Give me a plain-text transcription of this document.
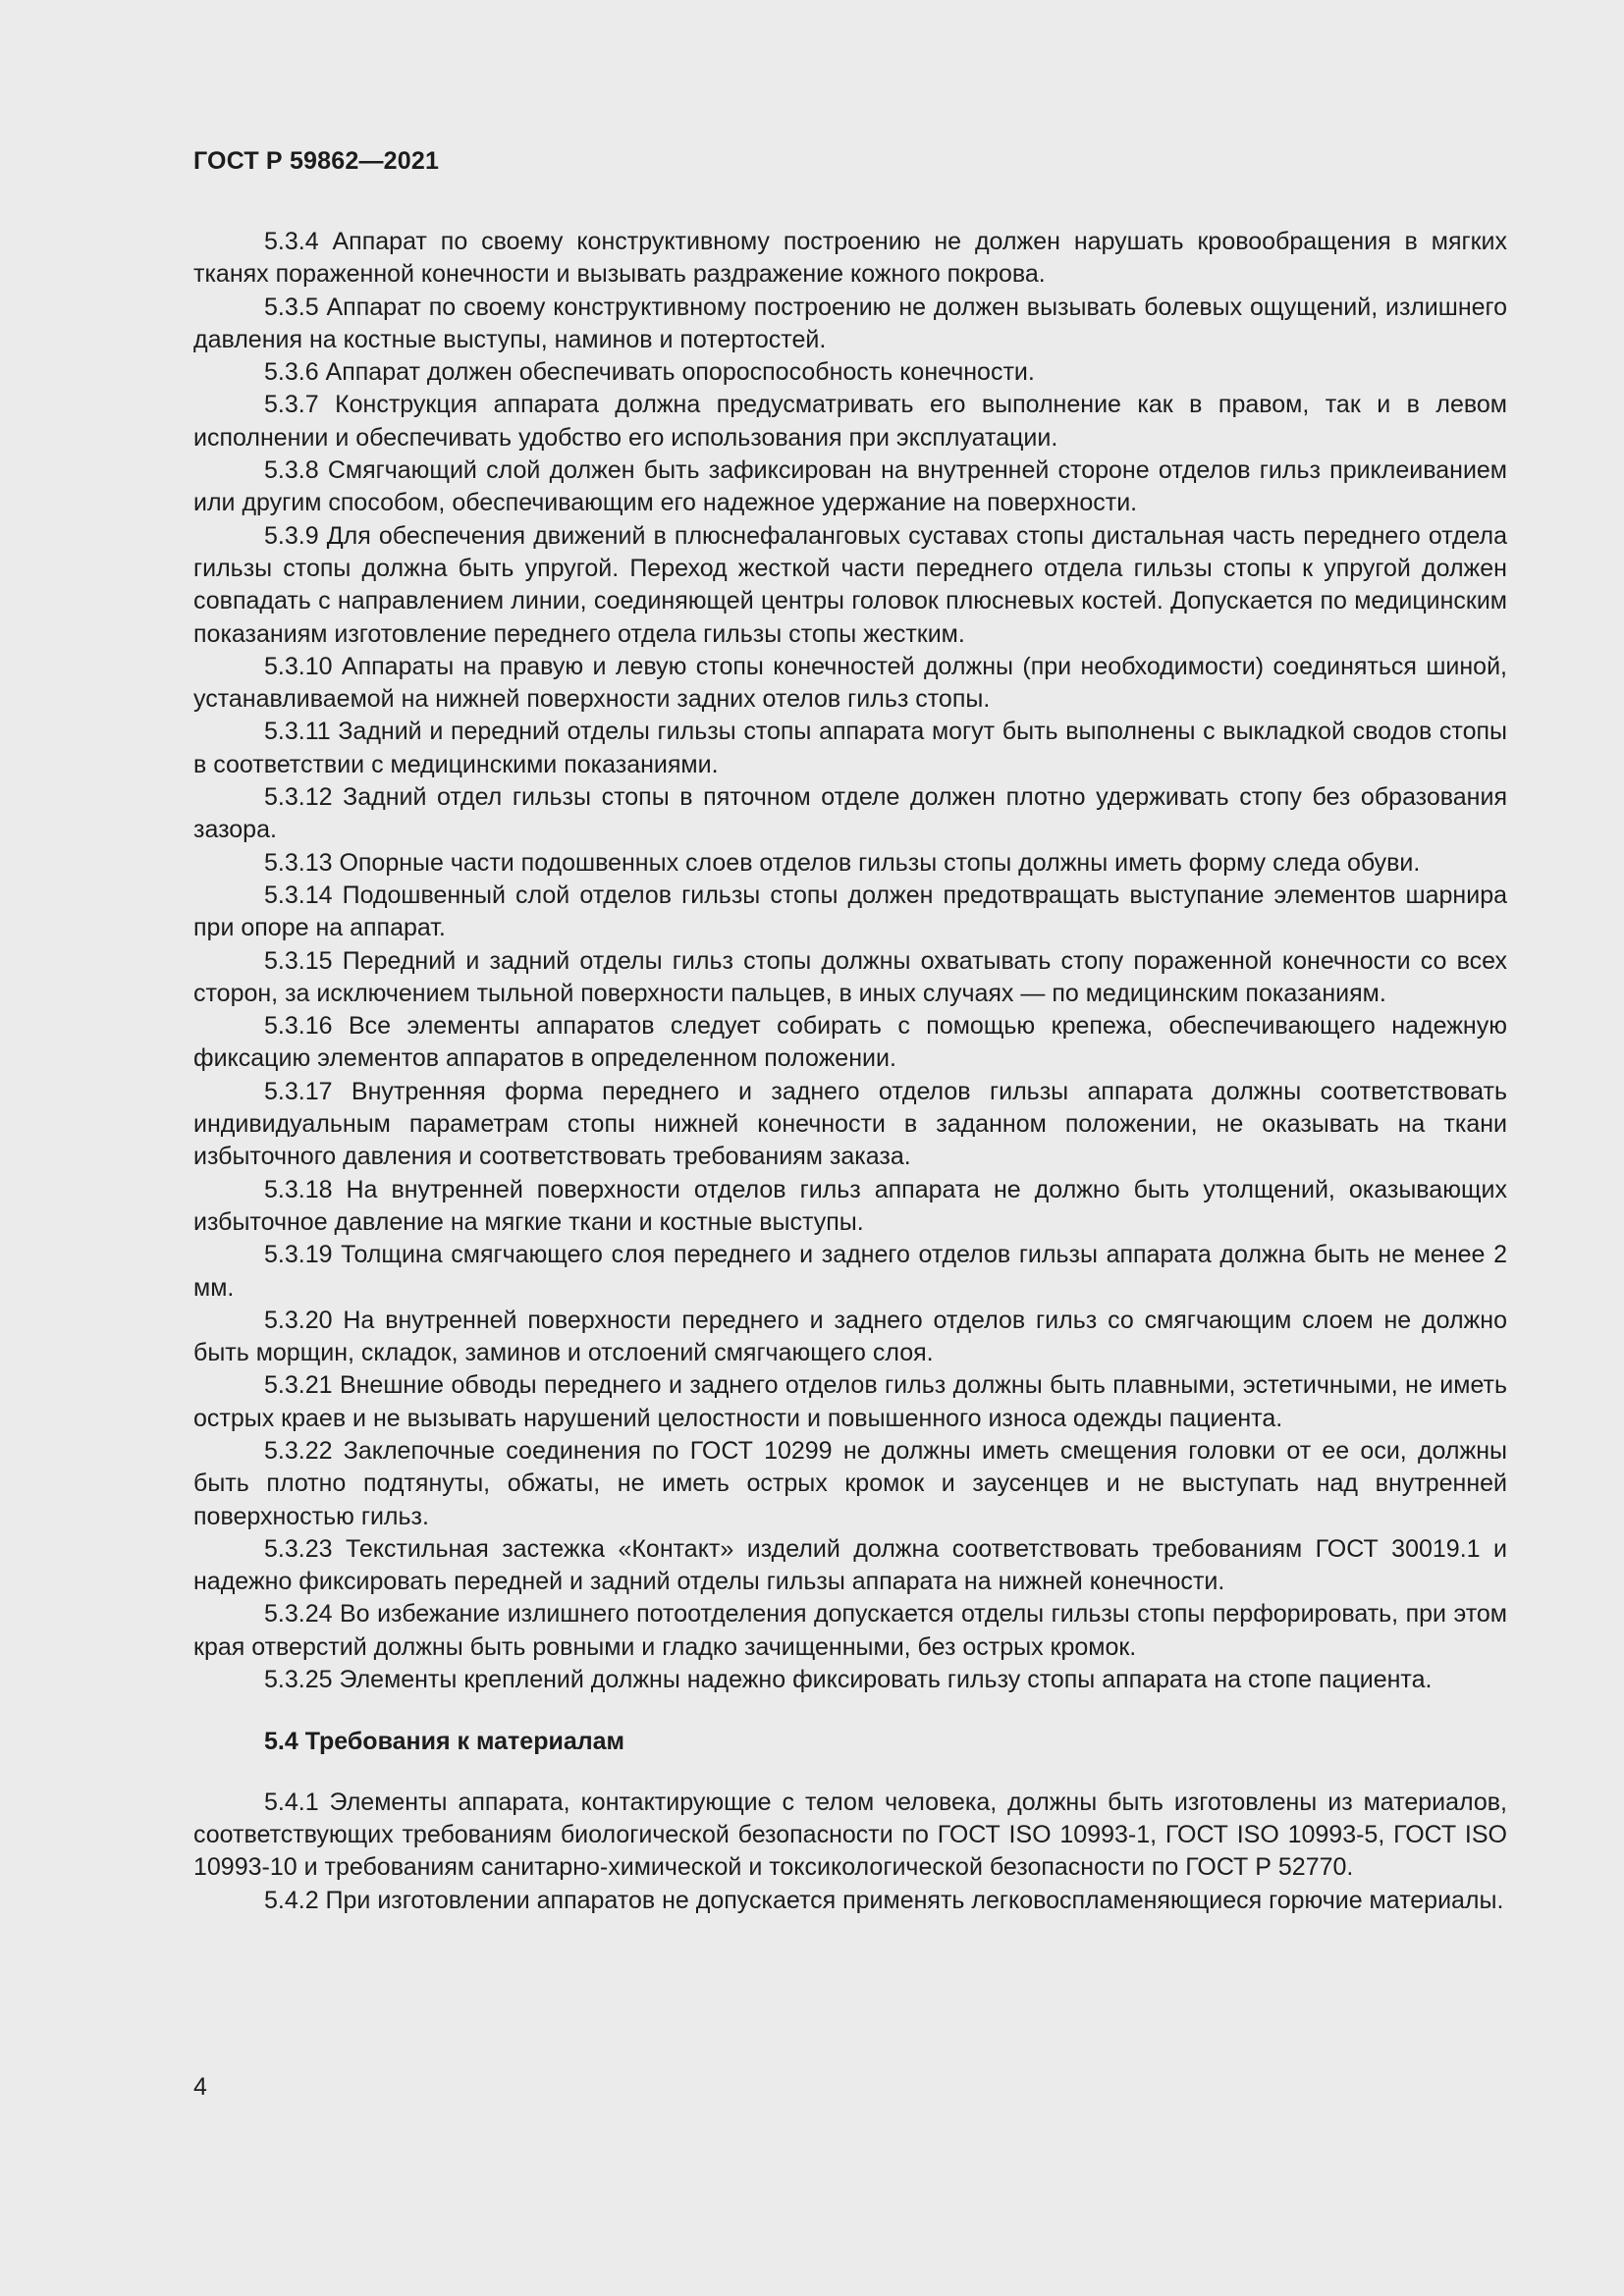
ГОСТ Р 59862—2021

5.3.4 Аппарат по своему конструктивному построению не должен нарушать кровообращения в мягких тканях пораженной конечности и вызывать раздражение кожного покрова.

5.3.5 Аппарат по своему конструктивному построению не должен вызывать болевых ощущений, излишнего давления на костные выступы, наминов и потертостей.

5.3.6 Аппарат должен обеспечивать опороспособность конечности.

5.3.7 Конструкция аппарата должна предусматривать его выполнение как в правом, так и в левом исполнении и обеспечивать удобство его использования при эксплуатации.

5.3.8 Смягчающий слой должен быть зафиксирован на внутренней стороне отделов гильз приклеиванием или другим способом, обеспечивающим его надежное удержание на поверхности.

5.3.9 Для обеспечения движений в плюснефаланговых суставах стопы дистальная часть переднего отдела гильзы стопы должна быть упругой. Переход жесткой части переднего отдела гильзы стопы к упругой должен совпадать с направлением линии, соединяющей центры головок плюсневых костей. Допускается по медицинским показаниям изготовление переднего отдела гильзы стопы жестким.

5.3.10 Аппараты на правую и левую стопы конечностей должны (при необходимости) соединяться шиной, устанавливаемой на нижней поверхности задних отелов гильз стопы.

5.3.11 Задний и передний отделы гильзы стопы аппарата могут быть выполнены с выкладкой сводов стопы в соответствии с медицинскими показаниями.

5.3.12 Задний отдел гильзы стопы в пяточном отделе должен плотно удерживать стопу без образования зазора.

5.3.13 Опорные части подошвенных слоев отделов гильзы стопы должны иметь форму следа обуви.

5.3.14 Подошвенный слой отделов гильзы стопы должен предотвращать выступание элементов шарнира при опоре на аппарат.

5.3.15 Передний и задний отделы гильз стопы должны охватывать стопу пораженной конечности со всех сторон, за исключением тыльной поверхности пальцев, в иных случаях — по медицинским показаниям.

5.3.16 Все элементы аппаратов следует собирать с помощью крепежа, обеспечивающего надежную фиксацию элементов аппаратов в определенном положении.

5.3.17 Внутренняя форма переднего и заднего отделов гильзы аппарата должны соответствовать индивидуальным параметрам стопы нижней конечности в заданном положении, не оказывать на ткани избыточного давления и соответствовать требованиям заказа.

5.3.18 На внутренней поверхности отделов гильз аппарата не должно быть утолщений, оказывающих избыточное давление на мягкие ткани и костные выступы.

5.3.19 Толщина смягчающего слоя переднего и заднего отделов гильзы аппарата должна быть не менее 2 мм.

5.3.20 На внутренней поверхности переднего и заднего отделов гильз со смягчающим слоем не должно быть морщин, складок, заминов и отслоений смягчающего слоя.

5.3.21 Внешние обводы переднего и заднего отделов гильз должны быть плавными, эстетичными, не иметь острых краев и не вызывать нарушений целостности и повышенного износа одежды пациента.

5.3.22 Заклепочные соединения по ГОСТ 10299 не должны иметь смещения головки от ее оси, должны быть плотно подтянуты, обжаты, не иметь острых кромок и заусенцев и не выступать над внутренней поверхностью гильз.

5.3.23 Текстильная застежка «Контакт» изделий должна соответствовать требованиям ГОСТ 30019.1 и надежно фиксировать передней и задний отделы гильзы аппарата на нижней конечности.

5.3.24 Во избежание излишнего потоотделения допускается отделы гильзы стопы перфорировать, при этом края отверстий должны быть ровными и гладко зачищенными, без острых кромок.

5.3.25 Элементы креплений должны надежно фиксировать гильзу стопы аппарата на стопе пациента.

5.4 Требования к материалам

5.4.1 Элементы аппарата, контактирующие с телом человека, должны быть изготовлены из материалов, соответствующих требованиям биологической безопасности по ГОСТ ISO 10993-1, ГОСТ ISO 10993-5, ГОСТ ISO 10993-10 и требованиям санитарно-химической и токсикологической безопасности по ГОСТ Р 52770.

5.4.2 При изготовлении аппаратов не допускается применять легковоспламеняющиеся горючие материалы.

4
